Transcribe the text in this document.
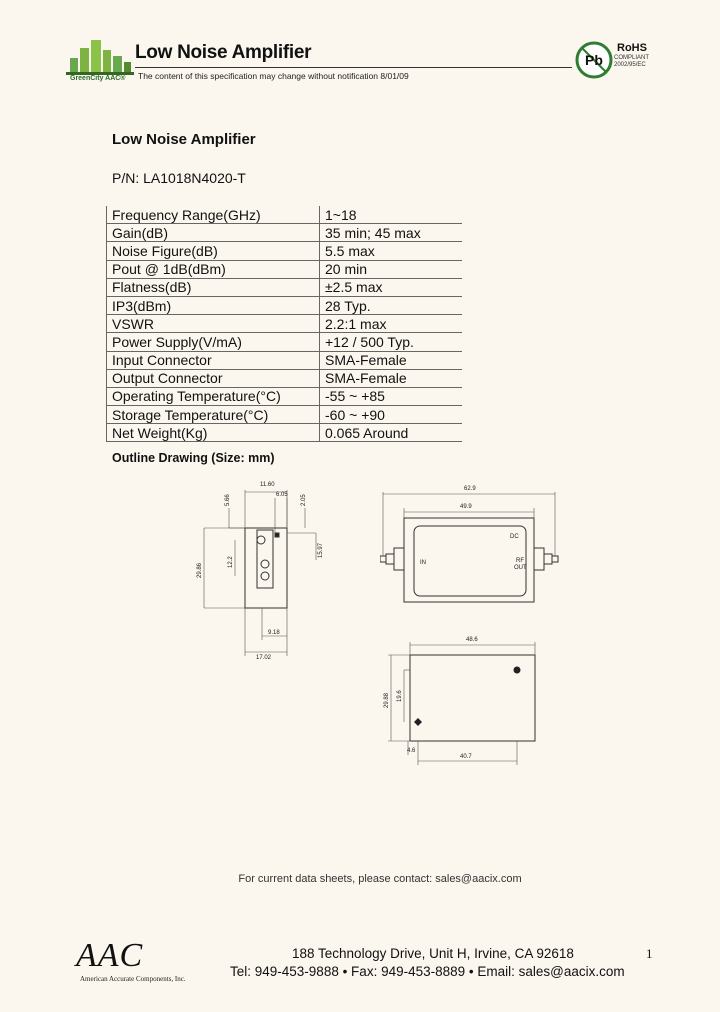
GreenCity AAC®
Low Noise Amplifier
The content of this specification may change without notification 8/01/09
Pb
RoHS
COMPLIANT
2002/95/EC
Low Noise Amplifier
P/N: LA1018N4020-T
Frequency Range(GHz)	1~18
Gain(dB)	35 min; 45 max
Noise Figure(dB)	5.5 max
Pout @ 1dB(dBm)	20 min
Flatness(dB)	±2.5 max
IP3(dBm)	28 Typ.
VSWR	2.2:1 max
Power Supply(V/mA)	+12 / 500 Typ.
Input Connector	SMA-Female
Output Connector	SMA-Female
Operating Temperature(°C)	-55 ~ +85
Storage Temperature(°C)	-60 ~ +90
Net Weight(Kg)	0.065 Around
Outline Drawing (Size: mm)
11.60
6.05
5.66	2.05
15.97
29.86
12.2
9.18
17.02
62.9
49.9
IN	RF
OUT
DC
48.6
29.88 19.6
4.6
40.7
For current data sheets, please contact: sales@aacix.com
AAC
American Accurate Components, Inc.
188 Technology Drive, Unit H, Irvine, CA 92618
Tel: 949-453-9888 • Fax: 949-453-8889 • Email: sales@aacix.com
1
